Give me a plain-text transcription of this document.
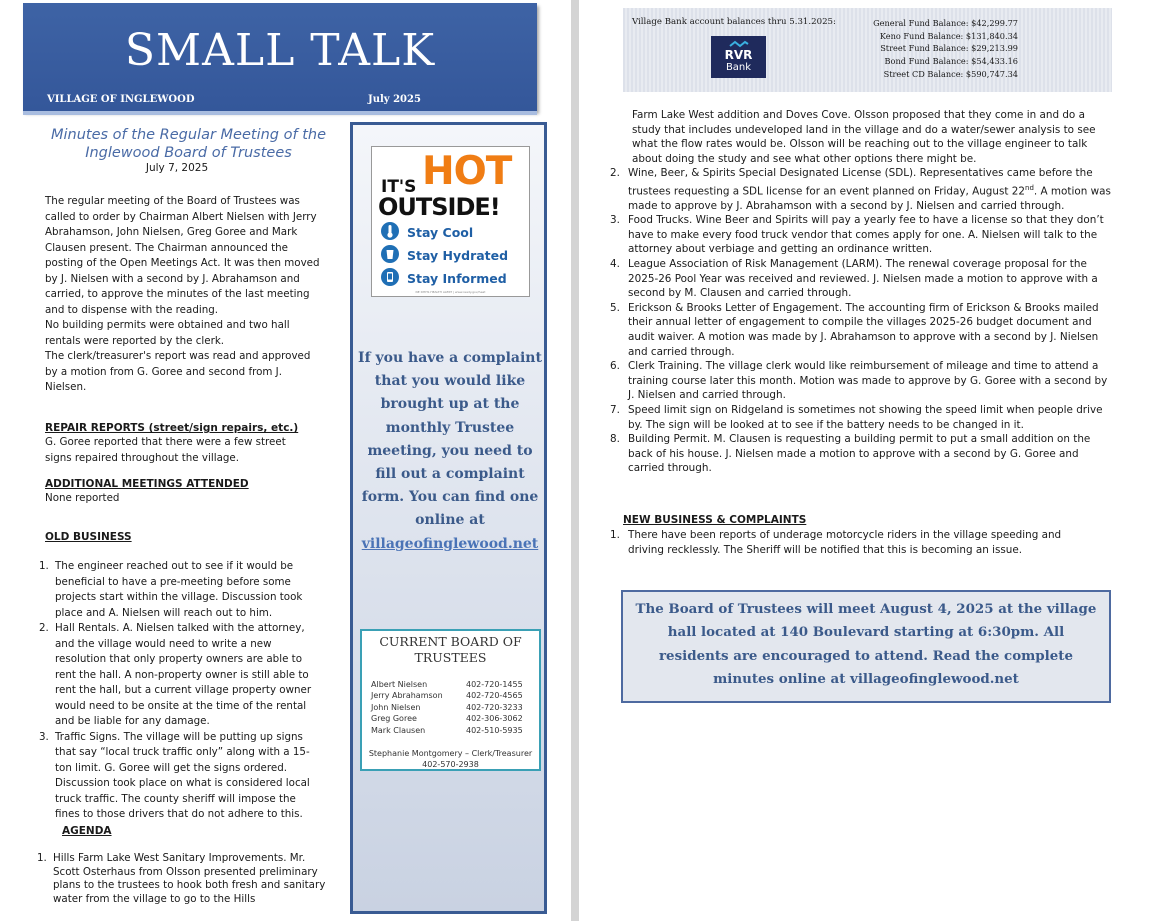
SMALL TALK
VILLAGE OF INGLEWOOD	July 2025
Minutes of the Regular Meeting of the
Inglewood Board of Trustees
July 7, 2025

The regular meeting of the Board of Trustees was called to order by Chairman Albert Nielsen with Jerry Abrahamson, John Nielsen, Greg Goree and Mark Clausen present. The Chairman announced the posting of the Open Meetings Act. It was then moved by J. Nielsen with a second by J. Abrahamson and carried, to approve the minutes of the last meeting and to dispense with the reading.

No building permits were obtained and two hall rentals were reported by the clerk.

The clerk/treasurer's report was read and approved by a motion from G. Goree and second from J. Nielsen.

REPAIR REPORTS (street/sign repairs, etc.)
G. Goree reported that there were a few street signs repaired throughout the village.
ADDITIONAL MEETINGS ATTENDED
None reported
OLD BUSINESS
1. The engineer reached out to see if it would be beneficial to have a pre-meeting before some projects start within the village. Discussion took place and A. Nielsen will reach out to him.
2. Hall Rentals. A. Nielsen talked with the attorney, and the village would need to write a new resolution that only property owners are able to rent the hall. A non-property owner is still able to rent the hall, but a current village property owner would need to be onsite at the time of the rental and be liable for any damage.
3. Traffic Signs. The village will be putting up signs that say “local truck traffic only” along with a 15-ton limit. G. Goree will get the signs ordered. Discussion took place on what is considered local truck traffic. The county sheriff will impose the fines to those drivers that do not adhere to this.
AGENDA
1. Hills Farm Lake West Sanitary Improvements. Mr. Scott Osterhaus from Olsson presented preliminary plans to the trustees to hook both fresh and sanitary water from the village to go to the Hills
IT'S HOT
OUTSIDE!
Stay Cool
Stay Hydrated
Stay Informed
NE DHHS HEALTH ALERT | www.ready.gov/heat
If you have a complaint that you would like brought up at the monthly Trustee meeting, you need to fill out a complaint form. You can find one online at
villageofinglewood.net
CURRENT BOARD OF TRUSTEES
Albert Nielsen	402-720-1455
Jerry Abrahamson	402-720-4565
John Nielsen	402-720-3233
Greg Goree	402-306-3062
Mark Clausen	402-510-5935
Stephanie Montgomery – Clerk/Treasurer
402-570-2938
Village Bank account balances thru 5.31.2025:
RVR
Bank
General Fund Balance: $42,299.77
Keno Fund Balance: $131,840.34
Street Fund Balance: $29,213.99
Bond Fund Balance: $54,433.16
Street CD Balance: $590,747.34
Farm Lake West addition and Doves Cove. Olsson proposed that they come in and do a study that includes undeveloped land in the village and do a water/sewer analysis to see what the flow rates would be. Olsson will be reaching out to the village engineer to talk about doing the study and see what other options there might be.
2. Wine, Beer, & Spirits Special Designated License (SDL). Representatives came before the trustees requesting a SDL license for an event planned on Friday, August 22nd. A motion was made to approve by J. Abrahamson with a second by J. Nielsen and carried through.
3. Food Trucks. Wine Beer and Spirits will pay a yearly fee to have a license so that they don’t have to make every food truck vendor that comes apply for one. A. Nielsen will talk to the attorney about verbiage and getting an ordinance written.
4. League Association of Risk Management (LARM). The renewal coverage proposal for the 2025-26 Pool Year was received and reviewed. J. Nielsen made a motion to approve with a second by M. Clausen and carried through.
5. Erickson & Brooks Letter of Engagement. The accounting firm of Erickson & Brooks mailed their annual letter of engagement to compile the villages 2025-26 budget document and audit waiver. A motion was made by J. Abrahamson to approve with a second by J. Nielsen and carried through.
6. Clerk Training. The village clerk would like reimbursement of mileage and time to attend a training course later this month. Motion was made to approve by G. Goree with a second by J. Nielsen and carried through.
7. Speed limit sign on Ridgeland is sometimes not showing the speed limit when people drive by. The sign will be looked at to see if the battery needs to be changed in it.
8. Building Permit. M. Clausen is requesting a building permit to put a small addition on the back of his house. J. Nielsen made a motion to approve with a second by G. Goree and carried through.
NEW BUSINESS & COMPLAINTS
1. There have been reports of underage motorcycle riders in the village speeding and driving recklessly. The Sheriff will be notified that this is becoming an issue.
The Board of Trustees will meet August 4, 2025 at the village hall located at 140 Boulevard starting at 6:30pm. All residents are encouraged to attend. Read the complete minutes online at villageofinglewood.net
